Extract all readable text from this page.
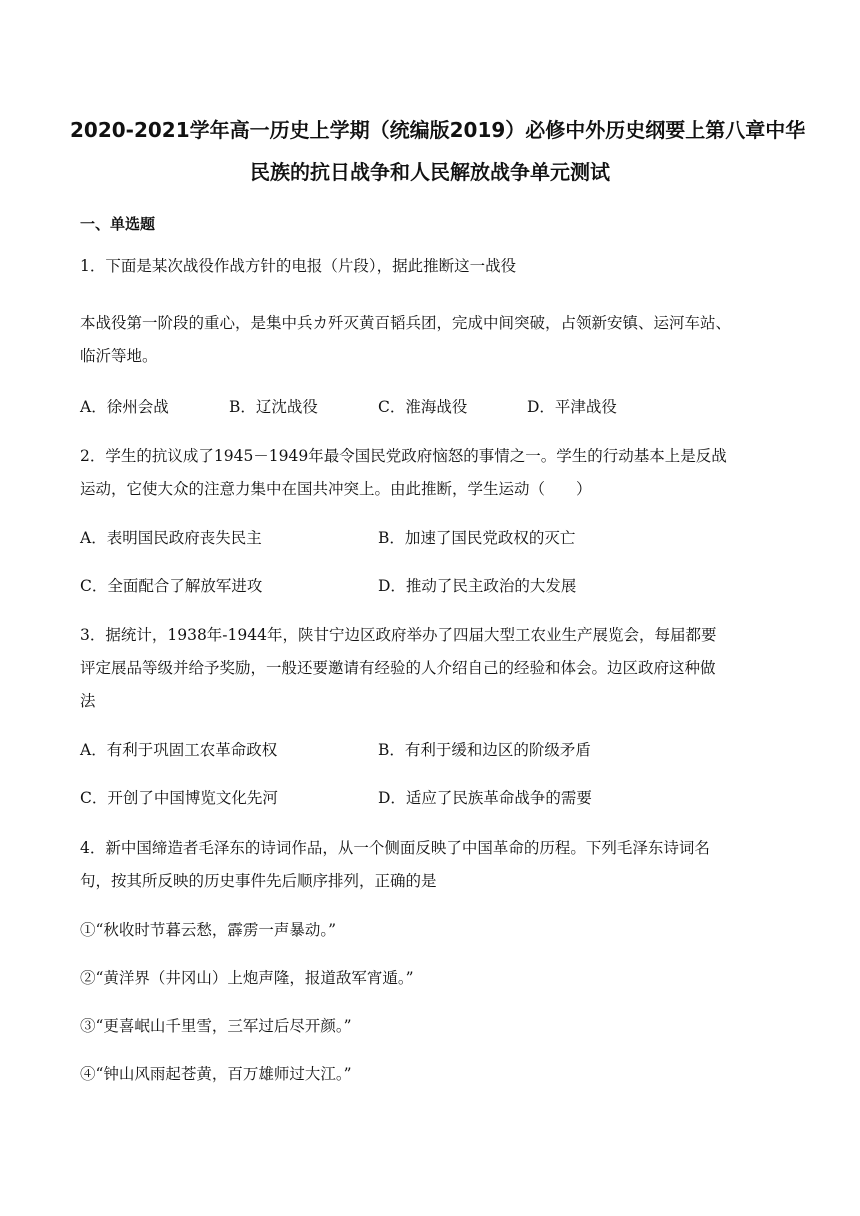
2020-2021学年高一历史上学期（统编版2019）必修中外历史纲要上第八章中华
民族的抗日战争和人民解放战争单元测试
一、单选题
1．下面是某次战役作战方针的电报（片段），据此推断这一战役
本战役第一阶段的重心，是集中兵カ歼灭黄百韬兵团，完成中间突破，占领新安镇、运河车站、
临沂等地。
A．徐州会战	B．辽沈战役	C．淮海战役	D．平津战役
2．学生的抗议成了1945－1949年最令国民党政府恼怒的事情之一。学生的行动基本上是反战
运动，它使大众的注意力集中在国共冲突上。由此推断，学生运动（　　）
A．表明国民政府丧失民主	B．加速了国民党政权的灭亡
C．全面配合了解放军进攻	D．推动了民主政治的大发展
3．据统计，1938年-1944年，陕甘宁边区政府举办了四届大型工农业生产展览会，每届都要
评定展品等级并给予奖励，一般还要邀请有经验的人介绍自己的经验和体会。边区政府这种做
法
A．有利于巩固工农革命政权	B．有利于缓和边区的阶级矛盾
C．开创了中国博览文化先河	D．适应了民族革命战争的需要
4．新中国缔造者毛泽东的诗词作品，从一个侧面反映了中国革命的历程。下列毛泽东诗词名
句，按其所反映的历史事件先后顺序排列，正确的是
①“秋收时节暮云愁，霹雳一声暴动。”
②“黄洋界（井冈山）上炮声隆，报道敌军宵遁。”
③“更喜岷山千里雪，三军过后尽开颜。”
④“钟山风雨起苍黄，百万雄师过大江。”
